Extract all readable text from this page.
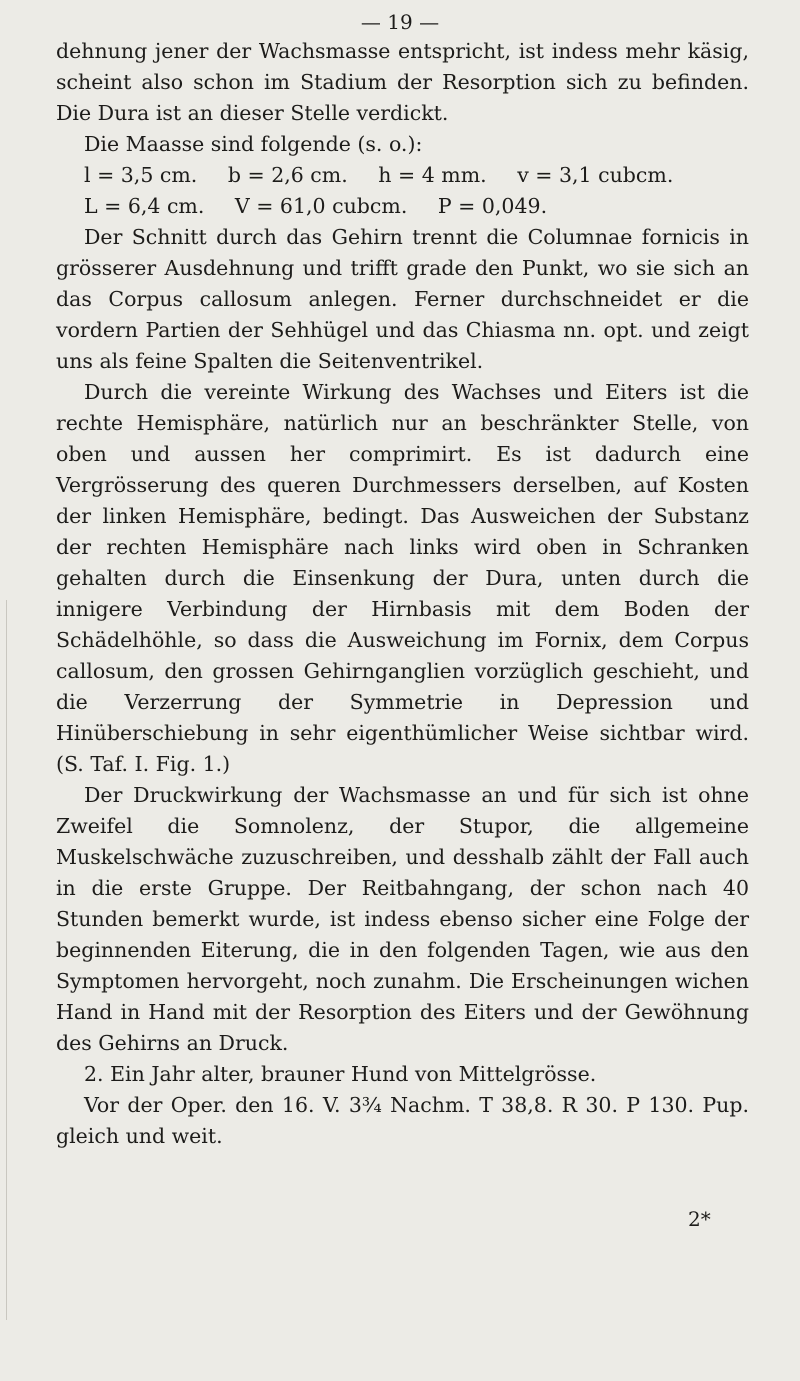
— 19 —

dehnung jener der Wachsmasse entspricht, ist indess mehr käsig, scheint also schon im Stadium der Resorption sich zu befinden. Die Dura ist an dieser Stelle verdickt.

Die Maasse sind folgende (s. o.):

l = 3,5 cm. b = 2,6 cm. h = 4 mm. v = 3,1 cubcm.

L = 6,4 cm. V = 61,0 cubcm. P = 0,049.

Der Schnitt durch das Gehirn trennt die Columnae fornicis in grösserer Ausdehnung und trifft grade den Punkt, wo sie sich an das Corpus callosum anlegen. Ferner durchschneidet er die vordern Partien der Sehhügel und das Chiasma nn. opt. und zeigt uns als feine Spalten die Seitenventrikel.

Durch die vereinte Wirkung des Wachses und Eiters ist die rechte Hemisphäre, natürlich nur an beschränkter Stelle, von oben und aussen her comprimirt. Es ist dadurch eine Vergrösserung des queren Durchmessers derselben, auf Kosten der linken Hemisphäre, bedingt. Das Ausweichen der Substanz der rechten Hemisphäre nach links wird oben in Schranken gehalten durch die Einsenkung der Dura, unten durch die innigere Verbindung der Hirnbasis mit dem Boden der Schädelhöhle, so dass die Ausweichung im Fornix, dem Corpus callosum, den grossen Gehirnganglien vorzüglich geschieht, und die Verzerrung der Symmetrie in Depression und Hinüberschiebung in sehr eigenthümlicher Weise sichtbar wird. (S. Taf. I. Fig. 1.)

Der Druckwirkung der Wachsmasse an und für sich ist ohne Zweifel die Somnolenz, der Stupor, die allgemeine Muskelschwäche zuzuschreiben, und desshalb zählt der Fall auch in die erste Gruppe. Der Reitbahngang, der schon nach 40 Stunden bemerkt wurde, ist indess ebenso sicher eine Folge der beginnenden Eiterung, die in den folgenden Tagen, wie aus den Symptomen hervorgeht, noch zunahm. Die Erscheinungen wichen Hand in Hand mit der Resorption des Eiters und der Gewöhnung des Gehirns an Druck.

2. Ein Jahr alter, brauner Hund von Mittelgrösse.

Vor der Oper. den 16. V. 3¾ Nachm. T 38,8. R 30. P 130. Pup. gleich und weit.

2*
